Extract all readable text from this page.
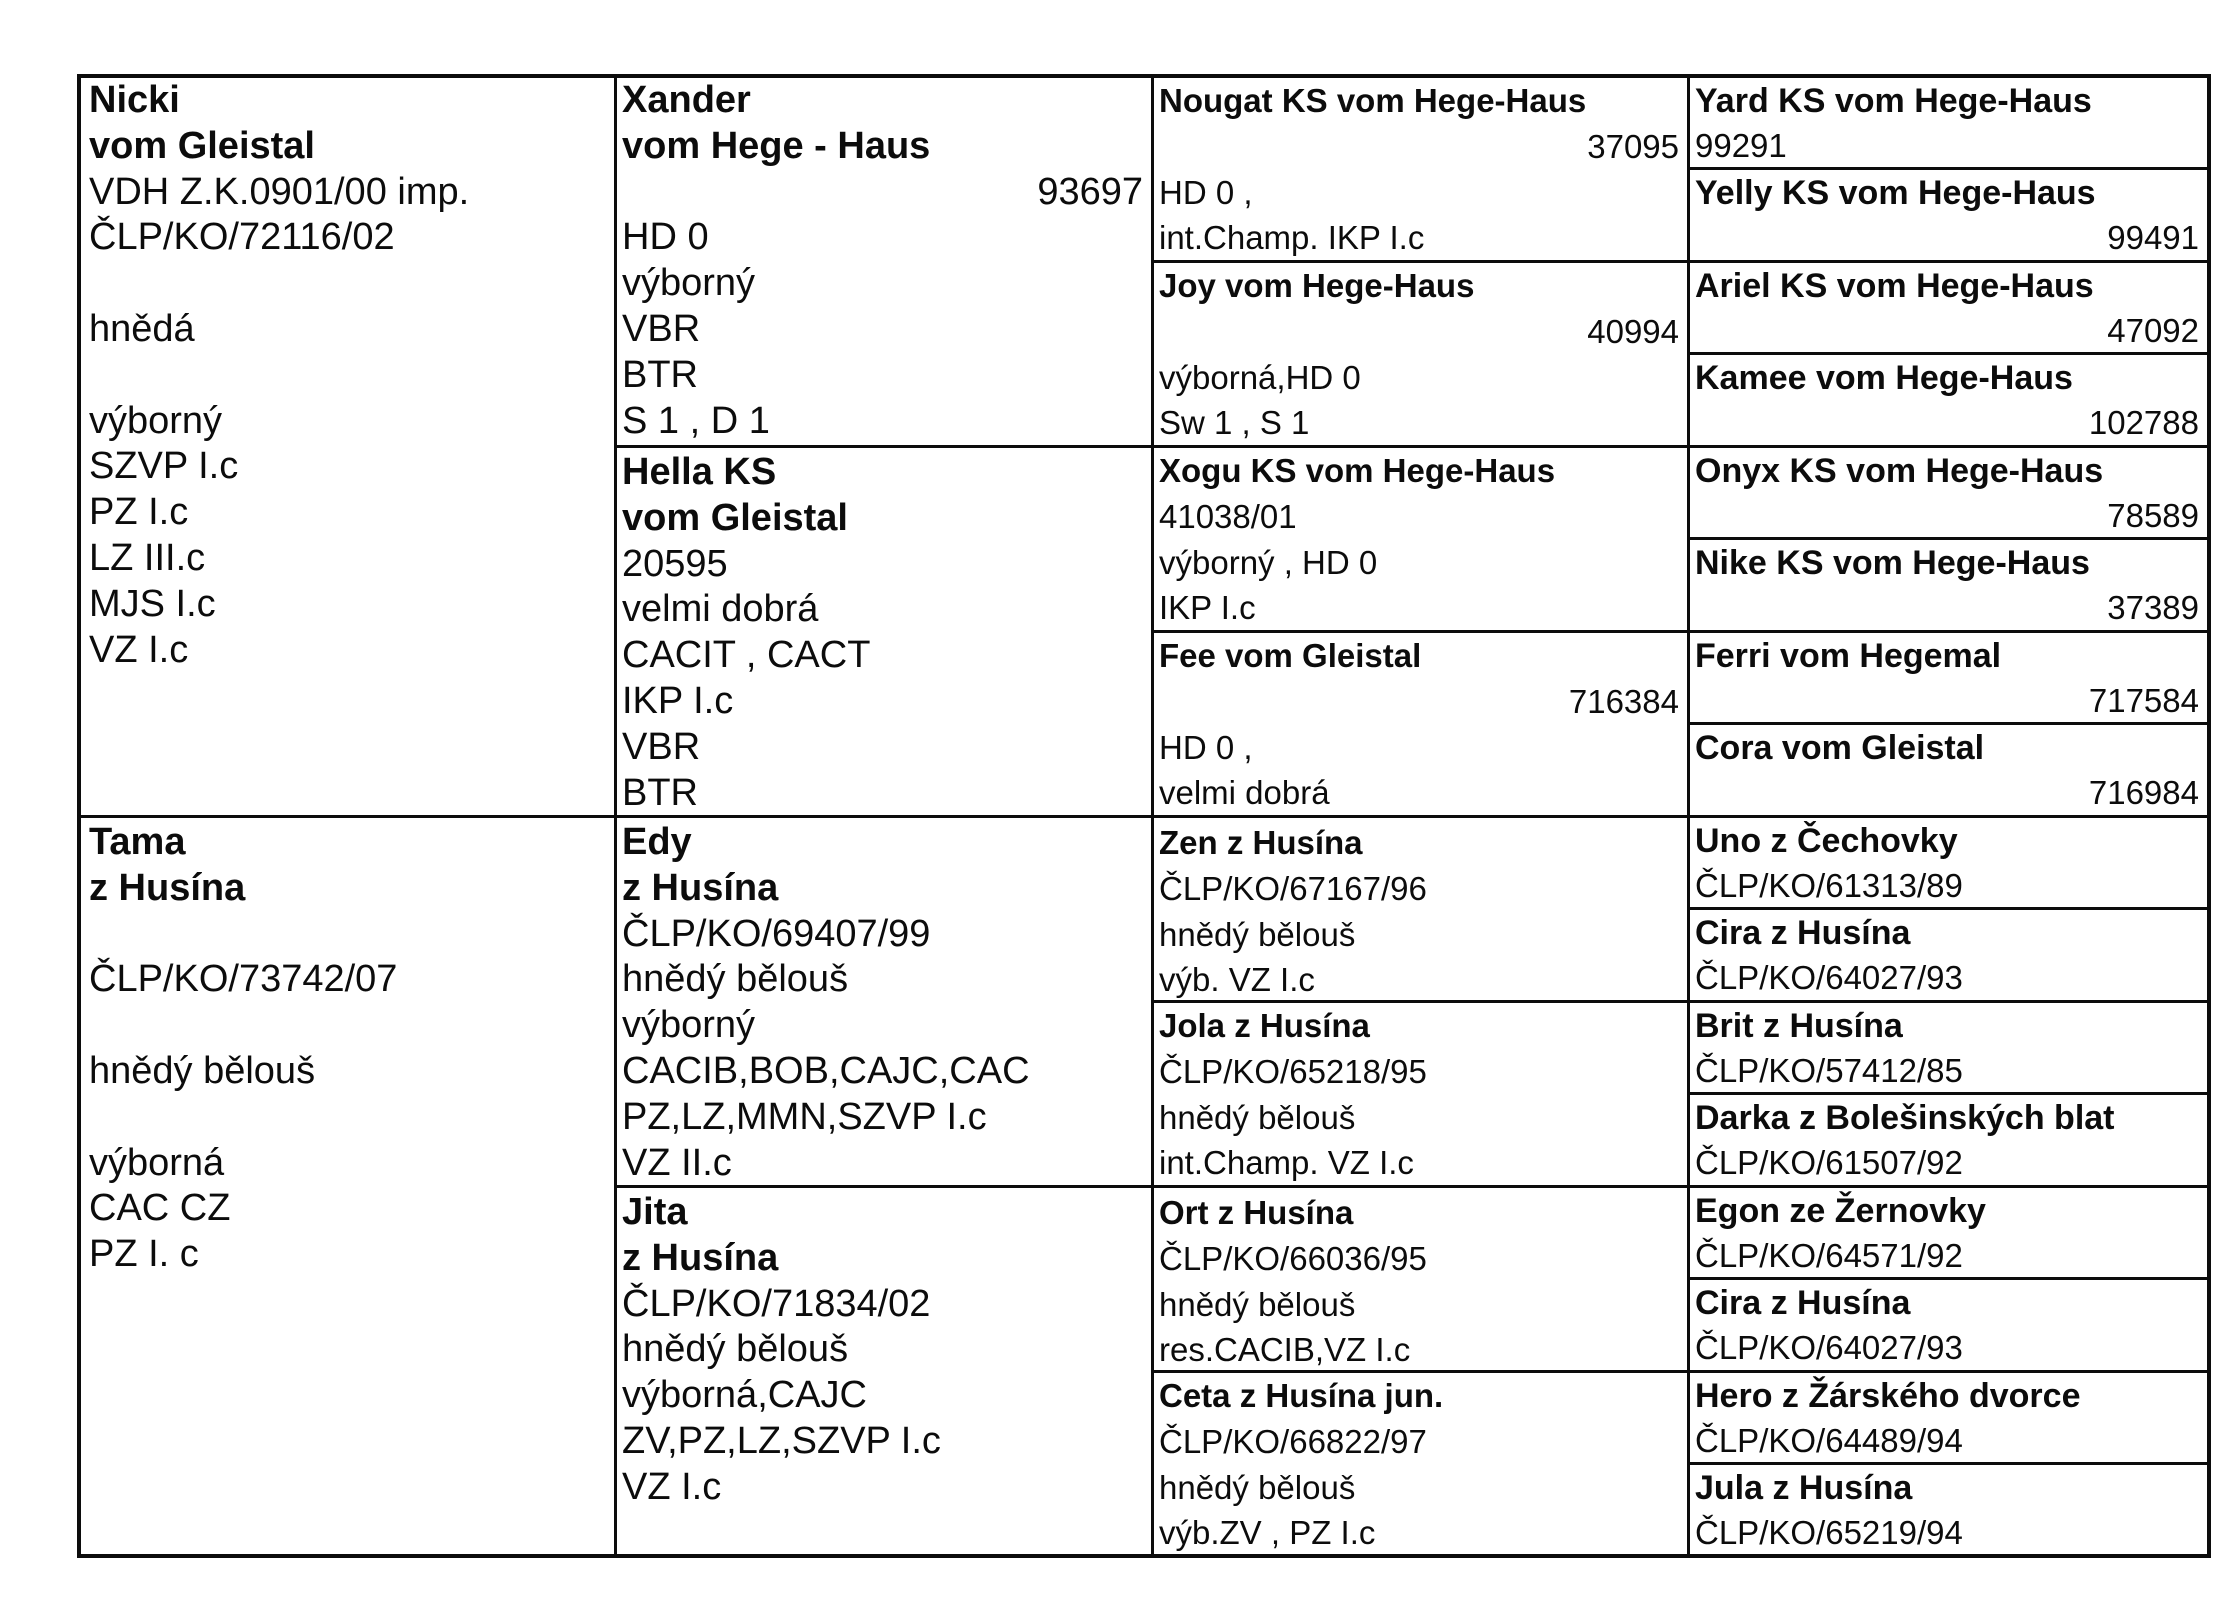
Nicki
vom Gleistal
VDH Z.K.0901/00 imp.
ČLP/KO/72116/02

hnědá

výborný
SZVP I.c
PZ I.c
LZ III.c
MJS I.c
VZ I.c
Tama
z Husína

ČLP/KO/73742/07

hnědý bělouš

výborná
CAC CZ
PZ I. c
Xander
vom Hege - Haus
93697
HD 0
výborný
VBR
BTR
S 1 , D 1
Hella KS
vom Gleistal
20595
velmi dobrá
CACIT , CACT
IKP I.c
VBR
BTR
Edy
z Husína
ČLP/KO/69407/99
hnědý bělouš
výborný
CACIB,BOB,CAJC,CAC
PZ,LZ,MMN,SZVP I.c
VZ II.c
Jita
z Husína
ČLP/KO/71834/02
hnědý bělouš
výborná,CAJC
ZV,PZ,LZ,SZVP I.c
VZ I.c
Nougat KS vom Hege-Haus
37095
HD 0 ,
int.Champ. IKP I.c
Joy vom Hege-Haus
40994
výborná,HD 0
Sw 1 , S 1
Xogu KS vom Hege-Haus
41038/01
výborný , HD 0
IKP I.c
Fee vom Gleistal
716384
HD 0 ,
velmi dobrá
Zen z Husína
ČLP/KO/67167/96
hnědý bělouš
výb. VZ I.c
Jola z Husína
ČLP/KO/65218/95
hnědý bělouš
int.Champ. VZ I.c
Ort z Husína
ČLP/KO/66036/95
hnědý bělouš
res.CACIB,VZ I.c
Ceta z Husína jun.
ČLP/KO/66822/97
hnědý bělouš
výb.ZV , PZ I.c
Yard KS vom Hege-Haus
99291
Yelly KS vom Hege-Haus
99491
Ariel KS vom Hege-Haus
47092
Kamee vom Hege-Haus
102788
Onyx KS vom Hege-Haus
78589
Nike KS vom Hege-Haus
37389
Ferri vom Hegemal
717584
Cora vom Gleistal
716984
Uno z Čechovky
ČLP/KO/61313/89
Cira z Husína
ČLP/KO/64027/93
Brit z Husína
ČLP/KO/57412/85
Darka z Bolešinských blat
ČLP/KO/61507/92
Egon ze Žernovky
ČLP/KO/64571/92
Cira z Husína
ČLP/KO/64027/93
Hero z Žárského dvorce
ČLP/KO/64489/94
Jula z Husína
ČLP/KO/65219/94
